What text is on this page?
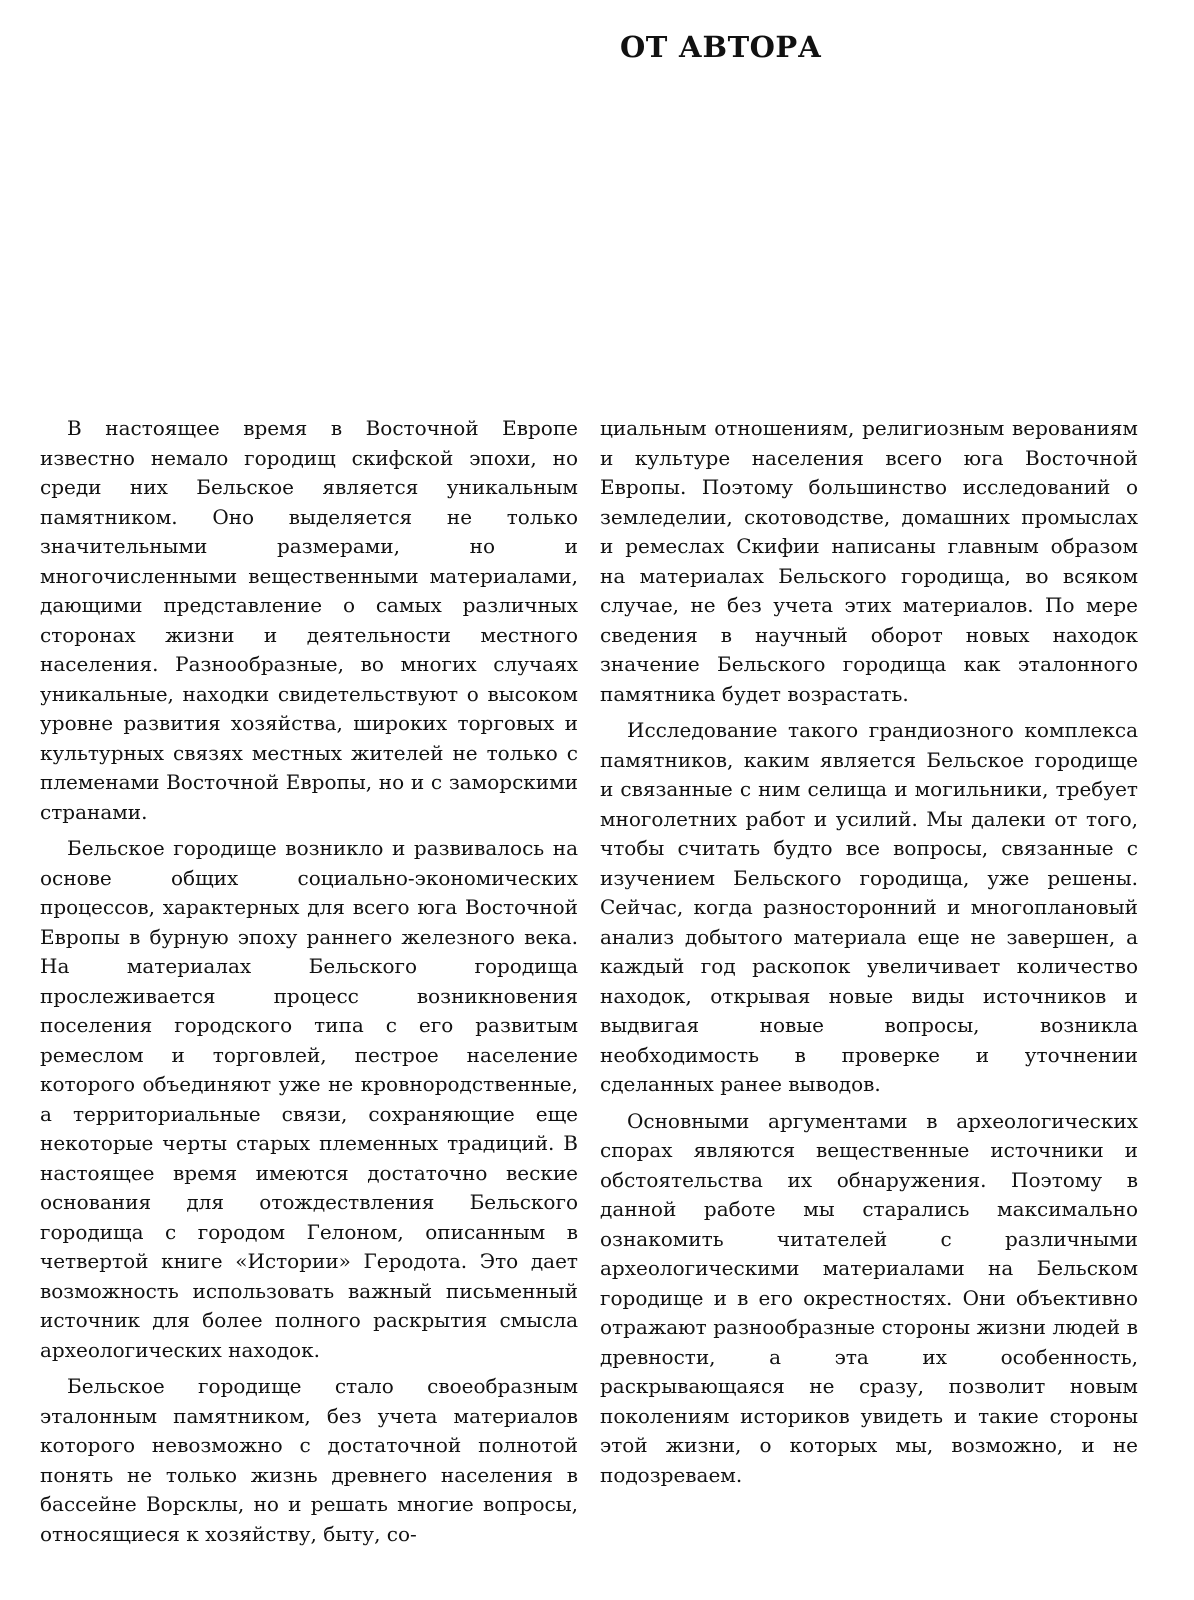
ОТ АВТОРА

В настоящее время в Восточной Европе известно немало городищ скифской эпохи, но среди них Бельское является уникальным памятником. Оно выделяется не только значительными размерами, но и многочисленными вещественными материалами, дающими представление о самых различных сторонах жизни и деятельности местного населения. Разнообразные, во многих случаях уникальные, находки свидетельствуют о высоком уровне развития хозяйства, широких торговых и культурных связях местных жителей не только с племенами Восточной Европы, но и с заморскими странами.

Бельское городище возникло и развивалось на основе общих социально-экономических процессов, характерных для всего юга Восточной Европы в бурную эпоху раннего железного века. На материалах Бельского городища прослеживается процесс возникновения поселения городского типа с его развитым ремеслом и торговлей, пестрое население которого объединяют уже не кровнородственные, а территориальные связи, сохраняющие еще некоторые черты старых племенных традиций. В настоящее время имеются достаточно веские основания для отождествления Бельского городища с городом Гелоном, описанным в четвертой книге «Истории» Геродота. Это дает возможность использовать важный письменный источник для более полного раскрытия смысла археологических находок.

Бельское городище стало своеобразным эталонным памятником, без учета материалов которого невозможно с достаточной полнотой понять не только жизнь древнего населения в бассейне Ворсклы, но и решать многие вопросы, относящиеся к хозяйству, быту, со-

циальным отношениям, религиозным верованиям и культуре населения всего юга Восточной Европы. Поэтому большинство исследований о земледелии, скотоводстве, домашних промыслах и ремеслах Скифии написаны главным образом на материалах Бельского городища, во всяком случае, не без учета этих материалов. По мере сведения в научный оборот новых находок значение Бельского городища как эталонного памятника будет возрастать.

Исследование такого грандиозного комплекса памятников, каким является Бельское городище и связанные с ним селища и могильники, требует многолетних работ и усилий. Мы далеки от того, чтобы считать будто все вопросы, связанные с изучением Бельского городища, уже решены. Сейчас, когда разносторонний и многоплановый анализ добытого материала еще не завершен, а каждый год раскопок увеличивает количество находок, открывая новые виды источников и выдвигая новые вопросы, возникла необходимость в проверке и уточнении сделанных ранее выводов.

Основными аргументами в археологических спорах являются вещественные источники и обстоятельства их обнаружения. Поэтому в данной работе мы старались максимально ознакомить читателей с различными археологическими материалами на Бельском городище и в его окрестностях. Они объективно отражают разнообразные стороны жизни людей в древности, а эта их особенность, раскрывающаяся не сразу, позволит новым поколениям историков увидеть и такие стороны этой жизни, о которых мы, возможно, и не подозреваем.
